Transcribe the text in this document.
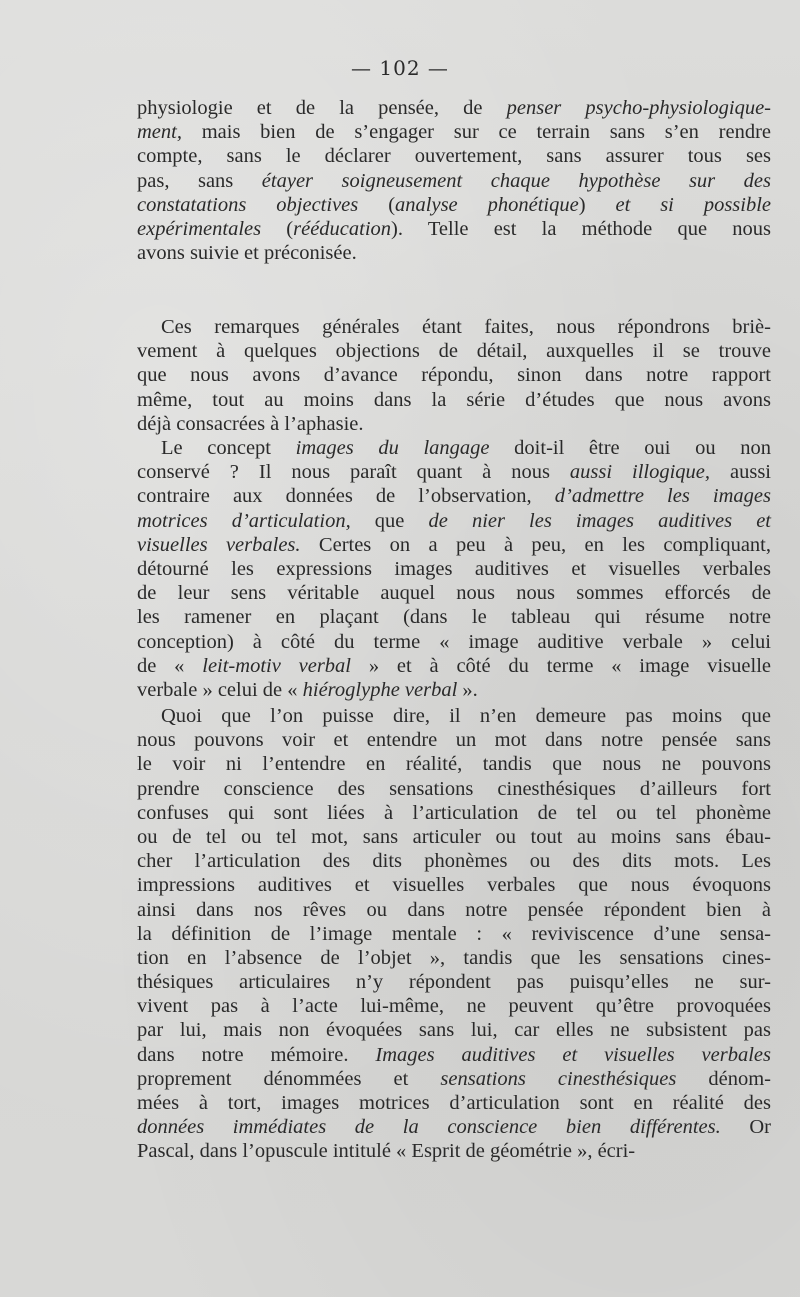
— 102 —
physiologie et de la pensée, de penser psycho-physiologique-
ment, mais bien de s’engager sur ce terrain sans s’en rendre
compte, sans le déclarer ouvertement, sans assurer tous ses
pas, sans étayer soigneusement chaque hypothèse sur des
constatations objectives (analyse phonétique) et si possible
expérimentales (rééducation). Telle est la méthode que nous
avons suivie et préconisée.
Ces remarques générales étant faites, nous répondrons briè-
vement à quelques objections de détail, auxquelles il se trouve
que nous avons d’avance répondu, sinon dans notre rapport
même, tout au moins dans la série d’études que nous avons
déjà consacrées à l’aphasie.
Le concept images du langage doit-il être oui ou non
conservé ? Il nous paraît quant à nous aussi illogique, aussi
contraire aux données de l’observation, d’admettre les images
motrices d’articulation, que de nier les images auditives et
visuelles verbales. Certes on a peu à peu, en les compliquant,
détourné les expressions images auditives et visuelles verbales
de leur sens véritable auquel nous nous sommes efforcés de
les ramener en plaçant (dans le tableau qui résume notre
conception) à côté du terme « image auditive verbale » celui
de « leit-motiv verbal » et à côté du terme « image visuelle
verbale » celui de « hiéroglyphe verbal ».
Quoi que l’on puisse dire, il n’en demeure pas moins que
nous pouvons voir et entendre un mot dans notre pensée sans
le voir ni l’entendre en réalité, tandis que nous ne pouvons
prendre conscience des sensations cinesthésiques d’ailleurs fort
confuses qui sont liées à l’articulation de tel ou tel phonème
ou de tel ou tel mot, sans articuler ou tout au moins sans ébau-
cher l’articulation des dits phonèmes ou des dits mots. Les
impressions auditives et visuelles verbales que nous évoquons
ainsi dans nos rêves ou dans notre pensée répondent bien à
la définition de l’image mentale : « reviviscence d’une sensa-
tion en l’absence de l’objet », tandis que les sensations cines-
thésiques articulaires n’y répondent pas puisqu’elles ne sur-
vivent pas à l’acte lui-même, ne peuvent qu’être provoquées
par lui, mais non évoquées sans lui, car elles ne subsistent pas
dans notre mémoire. Images auditives et visuelles verbales
proprement dénommées et sensations cinesthésiques dénom-
mées à tort, images motrices d’articulation sont en réalité des
données immédiates de la conscience bien différentes. Or
Pascal, dans l’opuscule intitulé « Esprit de géométrie », écri-
